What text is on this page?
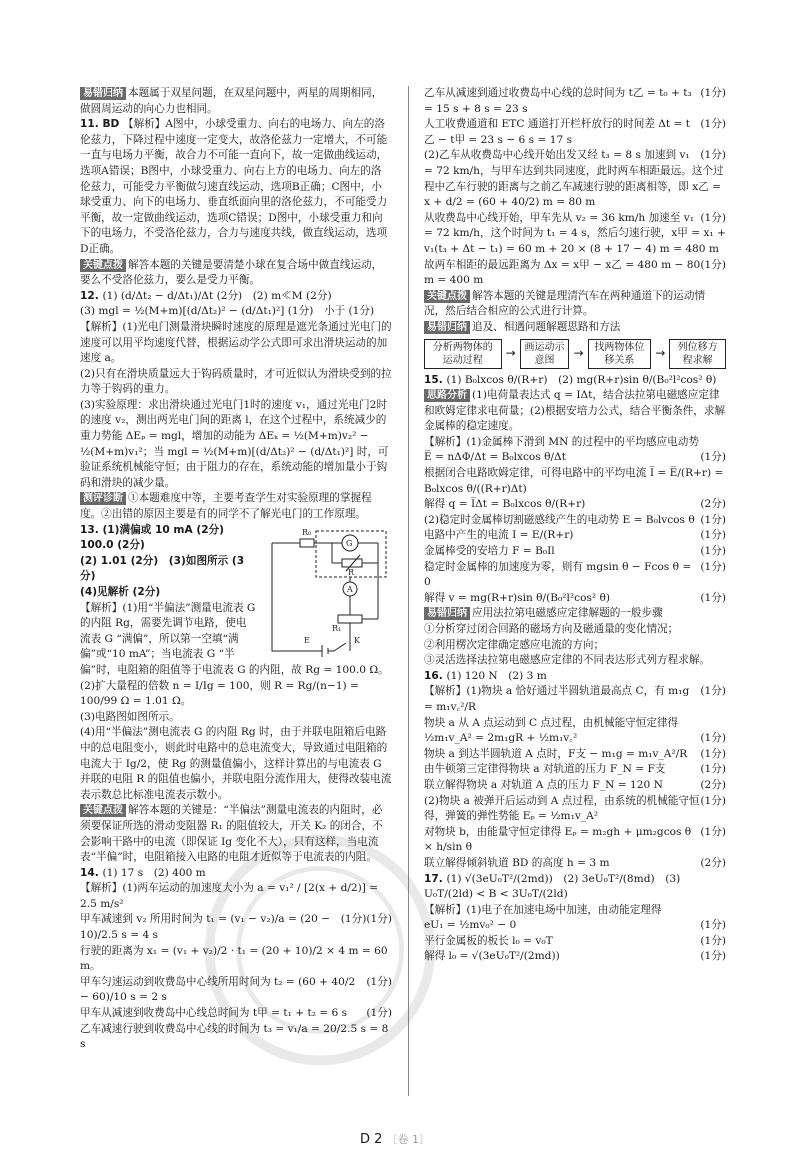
易错归纳 本题属于双星问题，在双星问题中，两星的周期相同，做圆周运动的向心力也相同。

11. BD 【解析】A图中，小球受重力、向右的电场力、向左的洛伦兹力，下降过程中速度一定变大，故洛伦兹力一定增大，不可能一直与电场力平衡，故合力不可能一直向下，故一定做曲线运动，选项A错误；B图中，小球受重力、向右上方的电场力、向左的洛伦兹力，可能受力平衡做匀速直线运动，选项B正确；C图中，小球受重力、向下的电场力、垂直纸面向里的洛伦兹力，不可能受力平衡，故一定做曲线运动，选项C错误；D图中，小球受重力和向下的电场力，不受洛伦兹力，合力与速度共线，做直线运动，选项D正确。

关键点拨 解答本题的关键是要清楚小球在复合场中做直线运动，要么不受洛伦兹力，要么是受力平衡。

12. (1) (d/Δt₂ − d/Δt₁)/Δt (2分)　(2) m≪M (2分)

(3) mgl = ½(M+m)[(d/Δt₂)² − (d/Δt₁)²] (1分)　小于 (1分)

【解析】(1)光电门测量滑块瞬时速度的原理是遮光条通过光电门的速度可以用平均速度代替，根据运动学公式即可求出滑块运动的加速度 a。

(2)只有在滑块质量远大于钩码质量时，才可近似认为滑块受到的拉力等于钩码的重力。

(3)实验原理：求出滑块通过光电门1时的速度 v₁，通过光电门2时的速度 v₂，测出两光电门间的距离 l，在这个过程中，系统减少的重力势能 ΔEₚ = mgl，增加的动能为 ΔEₖ = ½(M+m)v₂² − ½(M+m)v₁²；当 mgl = ½(M+m)[(d/Δt₂)² − (d/Δt₁)²] 时，可验证系统机械能守恒；由于阻力的存在，系统动能的增加量小于钩码和滑块的减少量。

测评诊断 ①本题难度中等，主要考查学生对实验原理的掌握程度。②出错的原因主要是有的同学不了解光电门的工作原理。

R₀
G
R
A
R₁
E	K

13. (1)满偏或 10 mA (2分)　100.0 (2分)

(2) 1.01 (2分)　(3)如图所示 (3分)

(4)见解析 (2分)

【解析】(1)用“半偏法”测量电流表 G 的内阻 Rg，需要先调节电路，使电流表 G “满偏”，所以第一空填“满偏”或“10 mA”；当电流表 G “半偏”时，电阻箱的阻值等于电流表 G 的内阻，故 Rg = 100.0 Ω。

(2)扩大量程的倍数 n = I/Ig = 100，则 R = Rg/(n−1) = 100/99 Ω = 1.01 Ω。

(3)电路图如图所示。

(4)用“半偏法”测电流表 G 的内阻 Rg 时，由于并联电阻箱后电路中的总电阻变小，则此时电路中的总电流变大，导致通过电阻箱的电流大于 Ig/2，使 Rg 的测量值偏小，这样计算出的与电流表 G 并联的电阻 R 的阻值也偏小，并联电阻分流作用大，使得改装电流表示数总比标准电流表示数小。

关键点拨 解答本题的关键是：“半偏法”测量电流表的内阻时，必须要保证所选的滑动变阻器 R₁ 的阻值较大，开关 K₂ 的闭合，不会影响干路中的电流（即保证 Ig 变化不大），只有这样，当电流表“半偏”时，电阻箱接入电路的电阻才近似等于电流表的内阻。

14. (1) 17 s　(2) 400 m

【解析】(1)两车运动的加速度大小为 a = v₁² / [2(x + d/2)] = 2.5 m/s²

(1分)

(1分)
甲车减速到 v₂ 所用时间为 t₁ = (v₁ − v₂)/a = (20 − 10)/2.5 s = 4 s

行驶的距离为 x₁ = (v₁ + v₂)/2 · t₁ = (20 + 10)/2 × 4 m = 60 m。

(1分)
甲车匀速运动到收费岛中心线所用时间为 t₂ = (60 + 40/2 − 60)/10 s = 2 s

(1分)
甲车从减速到收费岛中心线总时间为 t甲 = t₁ + t₂ = 6 s

乙车减速行驶到收费岛中心线的时间为 t₃ = v₁/a = 20/2.5 s = 8 s

(1分)
乙车从减速到通过收费岛中心线的总时间为 t乙 = t₀ + t₃ = 15 s + 8 s = 23 s

(1分)
人工收费通道和 ETC 通道打开栏杆放行的时间差 Δt = t乙 − t甲 = 23 s − 6 s = 17 s

(1分)
(2)乙车从收费岛中心线开始出发又经 t₃ = 8 s 加速到 v₁ = 72 km/h，与甲车达到共同速度，此时两车相距最远。这个过程中乙车行驶的距离与之前乙车减速行驶的距离相等，即 x乙 = x + d/2 = (60 + 40/2) m = 80 m

(1分)
从收费岛中心线开始，甲车先从 v₂ = 36 km/h 加速至 v₁ = 72 km/h，这个时间为 t₁ = 4 s，然后匀速行驶，x甲 = x₁ + v₁(t₃ + Δt − t₁) = 60 m + 20 × (8 + 17 − 4) m = 480 m

(1分)
故两车相距的最远距离为 Δx = x甲 − x乙 = 480 m − 80 m = 400 m

关键点拨 解答本题的关键是理清汽车在两种通道下的运动情况，然后结合相应的公式进行计算。

易错归纳 追及、相遇问题解题思路和方法

分析两物体的运动过程
→ 画运动示意图
→	找两物体位移关系
→	列位移方程求解

15. (1) B₀lxcos θ/(R+r)　(2) mg(R+r)sin θ/(B₀²l²cos² θ)

思路分析 (1)电荷量表达式 q = IΔt，结合法拉第电磁感应定律和欧姆定律求电荷量；(2)根据安培力公式，结合平衡条件，求解金属棒的稳定速度。

【解析】(1)金属棒下滑到 MN 的过程中的平均感应电动势

(1分)
E̅ = nΔΦ/Δt = B₀lxcos θ/Δt

根据闭合电路欧姆定律，可得电路中的平均电流 I̅ = E̅/(R+r) = B₀lxcos θ/((R+r)Δt)

(2分)
解得 q = I̅Δt = B₀lxcos θ/(R+r)

(1分)
(2)稳定时金属棒切割磁感线产生的电动势 E = B₀lvcos θ

(1分)
电路中产生的电流 I = E/(R+r)

(1分)
金属棒受的安培力 F = B₀Il

(1分)
稳定时金属棒的加速度为零，则有 mgsin θ − Fcos θ = 0

(1分)
解得 v = mg(R+r)sin θ/(B₀²l²cos² θ)

易错归纳 应用法拉第电磁感应定律解题的一般步骤

①分析穿过闭合回路的磁场方向及磁通量的变化情况；

②利用楞次定律确定感应电流的方向；

③灵活选择法拉第电磁感应定律的不同表达形式列方程求解。

16. (1) 120 N　(2) 3 m

(1分)
【解析】(1)物块 a 恰好通过半圆轨道最高点 C，有 m₁g = m₁v꜀²/R

物块 a 从 A 点运动到 C 点过程，由机械能守恒定律得

(1分)
½m₁v_A² = 2m₁gR + ½m₁v꜀²

(1分)
物块 a 到达半圆轨道 A 点时，F支 − m₁g = m₁v_A²/R

(1分)
由牛顿第三定律得物块 a 对轨道的压力 F_N = F支

(2分)
联立解得物块 a 对轨道 A 点的压力 F_N = 120 N

(1分)
(2)物块 a 被弹开后运动到 A 点过程，由系统的机械能守恒得，弹簧的弹性势能 Eₚ = ½m₁v_A²

(1分)
对物块 b，由能量守恒定律得 Eₚ = m₂gh + μm₂gcos θ × h/sin θ

(2分)
联立解得倾斜轨道 BD 的高度 h = 3 m

17. (1) √(3eU₀T²/(2md))　(2) 3eU₀T²/(8md)　(3) U₀T/(2ld) < B < 3U₀T/(2ld)

【解析】(1)电子在加速电场中加速，由动能定理得

(1分)
eU₁ = ½mv₀² − 0

(1分)
平行金属板的板长 l₀ = v₀T

(1分)
解得 l₀ = √(3eU₀T²/(2md))

D 2 〔卷 1〕
